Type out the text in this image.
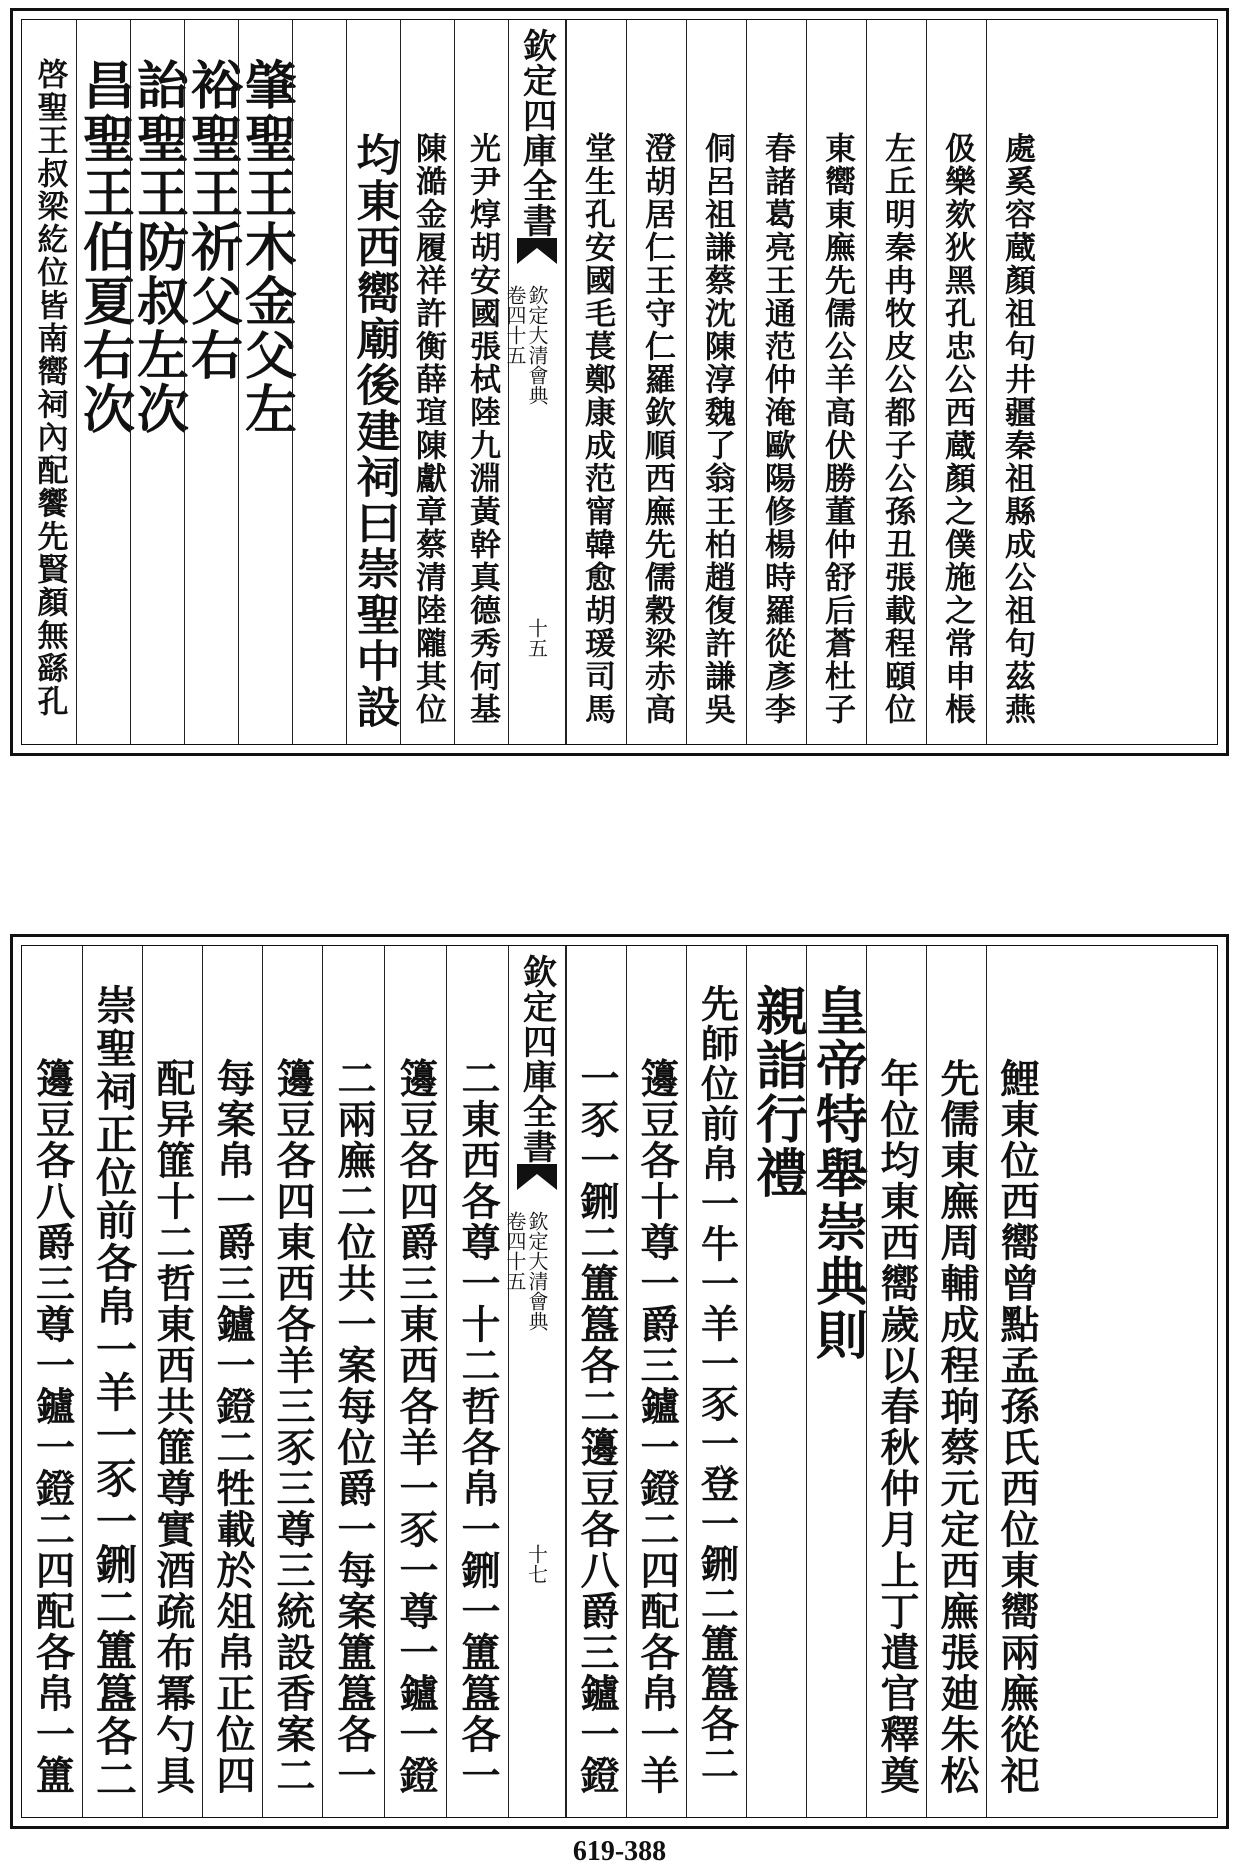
啓聖王叔梁紇位皆南嚮祠內配饗先賢顏無繇孔 昌聖王伯夏右次
詒聖王防叔左次
裕聖王祈父右
肇聖王木金父左 均東西嚮廟後建祠曰崇聖中設 陳澔金履祥許衡薛瑄陳獻章蔡清陸隴其位 光尹焞胡安國張栻陸九淵黃幹真德秀何基 欽定四庫全書
欽定大清會典
卷四十五
十五 堂生孔安國毛萇鄭康成范甯韓愈胡瑗司馬 澄胡居仁王守仁羅欽順西廡先儒穀梁赤高 侗呂祖謙蔡沈陳淳魏了翁王柏趙復許謙吳 春諸葛亮王通范仲淹歐陽修楊時羅從彥李 東嚮東廡先儒公羊高伏勝董仲舒后蒼杜子 左丘明秦冉牧皮公都子公孫丑張載程頤位 伋樂欬狄黑孔忠公西蔵顏之僕施之常申棖 處奚容蔵顏祖句井疆秦祖縣成公祖句茲燕
籩豆各八爵三尊一鑪一鐙二四配各帛一簠 崇聖祠正位前各帛一羊一豕一鉶二簠簋各二 配异篚十二哲東西共篚尊實酒疏布冪勺具 每案帛一爵三鑪一鐙二牲載於俎帛正位四 籩豆各四東西各羊三豕三尊三統設香案二 二兩廡二位共一案每位爵一每案簠簋各一 籩豆各四爵三東西各羊一豕一尊一鑪一鐙 二東西各尊一十二哲各帛一鉶一簠簋各一 欽定四庫全書
欽定大清會典
卷四十五
十七 一豕一鉶二簠簋各二籩豆各八爵三鑪一鐙 籩豆各十尊一爵三鑪一鐙二四配各帛一羊 先師位前帛一牛一羊一豕一登一鉶二簠簋各二 親詣行禮 皇帝特舉崇典則 年位均東西嚮歲以春秋仲月上丁遣官釋奠 先儒東廡周輔成程珦蔡元定西廡張廸朱松 鯉東位西嚮曾點孟孫氏西位東嚮兩廡從祀
619-388
